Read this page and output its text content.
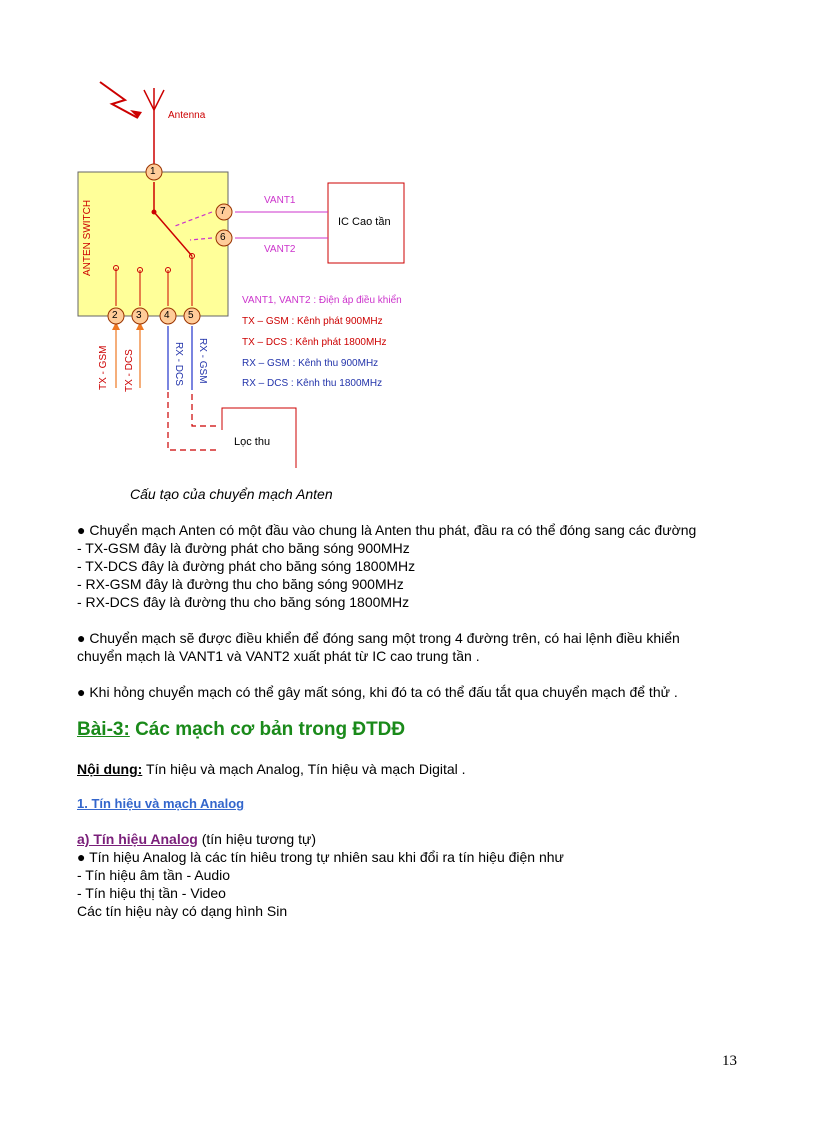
Antenna
ANTEN SWITCH	IC Cao tần
VANT1
VANT2
Lọc thu
1
7
6
2 3 4 5
TX - GSM TX - DCS	RX - DCS RX - GSM
VANT1, VANT2 : Điện áp điều khiển
TX – GSM : Kênh phát 900MHz
TX – DCS : Kênh phát 1800MHz
RX – GSM : Kênh thu 900MHz
RX – DCS : Kênh thu 1800MHz
Cấu tạo của chuyển mạch Anten
● Chuyển mạch Anten có một đầu vào chung là Anten thu phát, đầu ra có thể đóng sang các đường
- TX-GSM đây là đường phát cho băng sóng 900MHz
- TX-DCS đây là đường phát cho băng sóng 1800MHz
- RX-GSM đây là đường thu cho băng sóng 900MHz
- RX-DCS đây là đường thu cho băng sóng 1800MHz
● Chuyển mạch sẽ được điều khiển để đóng sang một trong 4 đường trên, có hai lệnh điều khiển
chuyển mạch là VANT1 và VANT2 xuất phát từ IC cao trung tần .
● Khi hỏng chuyển mạch có thể gây mất sóng, khi đó ta có thể đấu tắt qua chuyển mạch để thử .
Bài-3: Các mạch cơ bản trong ĐTDĐ
Nội dung: Tín hiệu và mạch Analog, Tín hiệu và mạch Digital .
1. Tín hiệu và mạch Analog
a) Tín hiệu Analog (tín hiệu tương tự)
● Tín hiệu Analog là các tín hiêu trong tự nhiên sau khi đổi ra tín hiệu điện như
- Tín hiệu âm tần - Audio
- Tín hiệu thị tần - Video
Các tín hiệu này có dạng hình Sin
13
